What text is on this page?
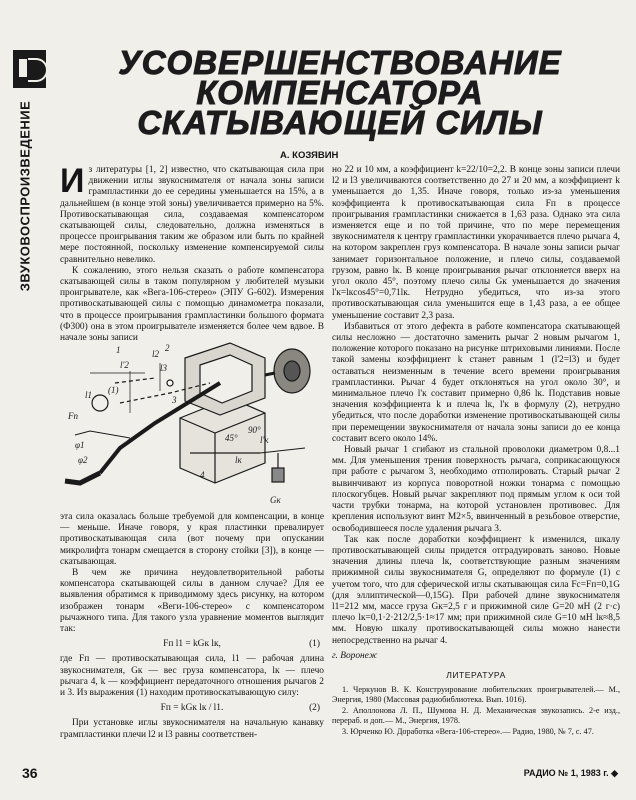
ЗВУКОВОСПРОИЗВЕДЕНИЕ
УСОВЕРШЕНСТВОВАНИЕ
КОМПЕНСАТОРА
СКАТЫВАЮЩЕЙ СИЛЫ
А. КОЗЯВИН

Из литературы [1, 2] известно, что скатывающая сила при движении иглы звукоснимателя от начала зоны записи грампластинки до ее середины уменьшается на 15%, а в дальнейшем (в конце этой зоны) увеличивается примерно на 5%. Противоскатывающая сила, создаваемая компенсатором скатывающей силы, следовательно, должна изменяться в процессе проигрывания таким же образом или быть по крайней мере постоянной, поскольку изменение компенсируемой силы сравнительно невелико.

К сожалению, этого нельзя сказать о работе компенсатора скатывающей силы в таком популярном у любителей музыки проигрывателе, как «Вега-106-стерео» (ЭПУ G-602). Измерения противоскатывающей силы с помощью динамометра показали, что в процессе проигрывания грампластинки большого формата (Ф300) она в этом проигрывателе изменяется более чем вдвое. В начале зоны записи

l2
l3
l'2
lк
l'к
Gк
l1
Fп
φ1
φ2
90°
45°
(1)
2
3
4
1

эта сила оказалась больше требуемой для компенсации, в конце — меньше. Иначе говоря, у края пластинки превалирует противоскатывающая сила (вот почему при опускании микролифта тонарм смещается в сторону стойки [3]), в конце — скатывающая.

В чем же причина неудовлетворительной работы компенсатора скатывающей силы в данном случае? Для ее выявления обратимся к приводимому здесь рисунку, на котором изображен тонарм «Веги-106-стерео» с компенсатором рычажного типа. Для такого узла уравнение моментов выглядит так:

Fп l1 = kGк lк,	(1)

где Fп — противоскатывающая сила, l1 — рабочая длина звукоснимателя, Gк — вес груза компенсатора, lк — плечо рычага 4, k — коэффициент передаточного отношения рычагов 2 и 3. Из выражения (1) находим противоскатывающую силу:

Fп = kGк lк / l1.	(2)

При установке иглы звукоснимателя на начальную канавку грампластинки плечи l2 и l3 равны соответствен-

но 22 и 10 мм, а коэффициент k=22/10=2,2. В конце зоны записи плечи l2 и l3 увеличиваются соответственно до 27 и 20 мм, а коэффициент k уменьшается до 1,35. Иначе говоря, только из-за уменьшения коэффициента k противоскатывающая сила Fп в процессе проигрывания грампластинки снижается в 1,63 раза. Однако эта сила изменяется еще и по той причине, что по мере перемещения звукоснимателя к центру грампластинки укорачивается плечо рычага 4, на котором закреплен груз компенсатора. В начале зоны записи рычаг занимает горизонтальное положение, и плечо силы, создаваемой грузом, равно lк. В конце проигрывания рычаг отклоняется вверх на угол около 45°, поэтому плечо силы Gк уменьшается до значения l'к=lкcos45°=0,71lк. Нетрудно убедиться, что из-за этого противоскатывающая сила уменьшится еще в 1,43 раза, а ее общее уменьшение составит 2,3 раза.

Избавиться от этого дефекта в работе компенсатора скатывающей силы несложно — достаточно заменить рычаг 2 новым рычагом 1, положение которого показано на рисунке штриховыми линиями. После такой замены коэффициент k станет равным 1 (l'2=l3) и будет оставаться неизменным в течение всего времени проигрывания грампластинки. Рычаг 4 будет отклоняться на угол около 30°, и минимальное плечо l'к составит примерно 0,86 lк. Подставив новые значения коэффициента k и плеча lк, l'к в формулу (2), нетрудно убедиться, что после доработки изменение противоскатывающей силы при перемещении звукоснимателя от начала зоны записи до ее конца составит всего около 14%.

Новый рычаг 1 сгибают из стальной проволоки диаметром 0,8...1 мм. Для уменьшения трения поверхность рычага, соприкасающуюся при работе с рычагом 3, необходимо отполировать. Старый рычаг 2 вывинчивают из корпуса поворотной ножки тонарма с помощью плоскогубцев. Новый рычаг закрепляют под прямым углом к оси той части трубки тонарма, на которой установлен противовес. Для крепления используют винт M2×5, ввинченный в резьбовое отверстие, освободившееся после удаления рычага 3.

Так как после доработки коэффициент k изменился, шкалу противоскатывающей силы придется отградуировать заново. Новые значения длины плеча lк, соответствующие разным значениям прижимной силы звукоснимателя G, определяют по формуле (1) с учетом того, что для сферической иглы скатывающая сила Fс=Fп=0,1G (для эллиптической—0,15G). При рабочей длине звукоснимателя l1=212 мм, массе груза Gк=2,5 г и прижимной силе G=20 мН (2 г·с) плечо lк=0,1·2·212/2,5·1≈17 мм; при прижимной силе G=10 мН lк≈8,5 мм. Новую шкалу противоскатывающей силы можно нанести непосредственно на рычаг 4.

г. Воронеж
ЛИТЕРАТУРА
1. Черкунов В. К. Конструирование любительских проигрывателей.— М., Энергия, 1980 (Массовая радиобиблиотека. Вып. 1016).
2. Аполлонова Л. П., Шумова Н. Д. Механическая звукозапись. 2-е изд., перераб. и доп.— М., Энергия, 1978.
3. Юрченко Ю. Доработка «Вега-106-стерео».— Радио, 1980, № 7, с. 47.
36	РАДИО № 1, 1983 г. ◆
